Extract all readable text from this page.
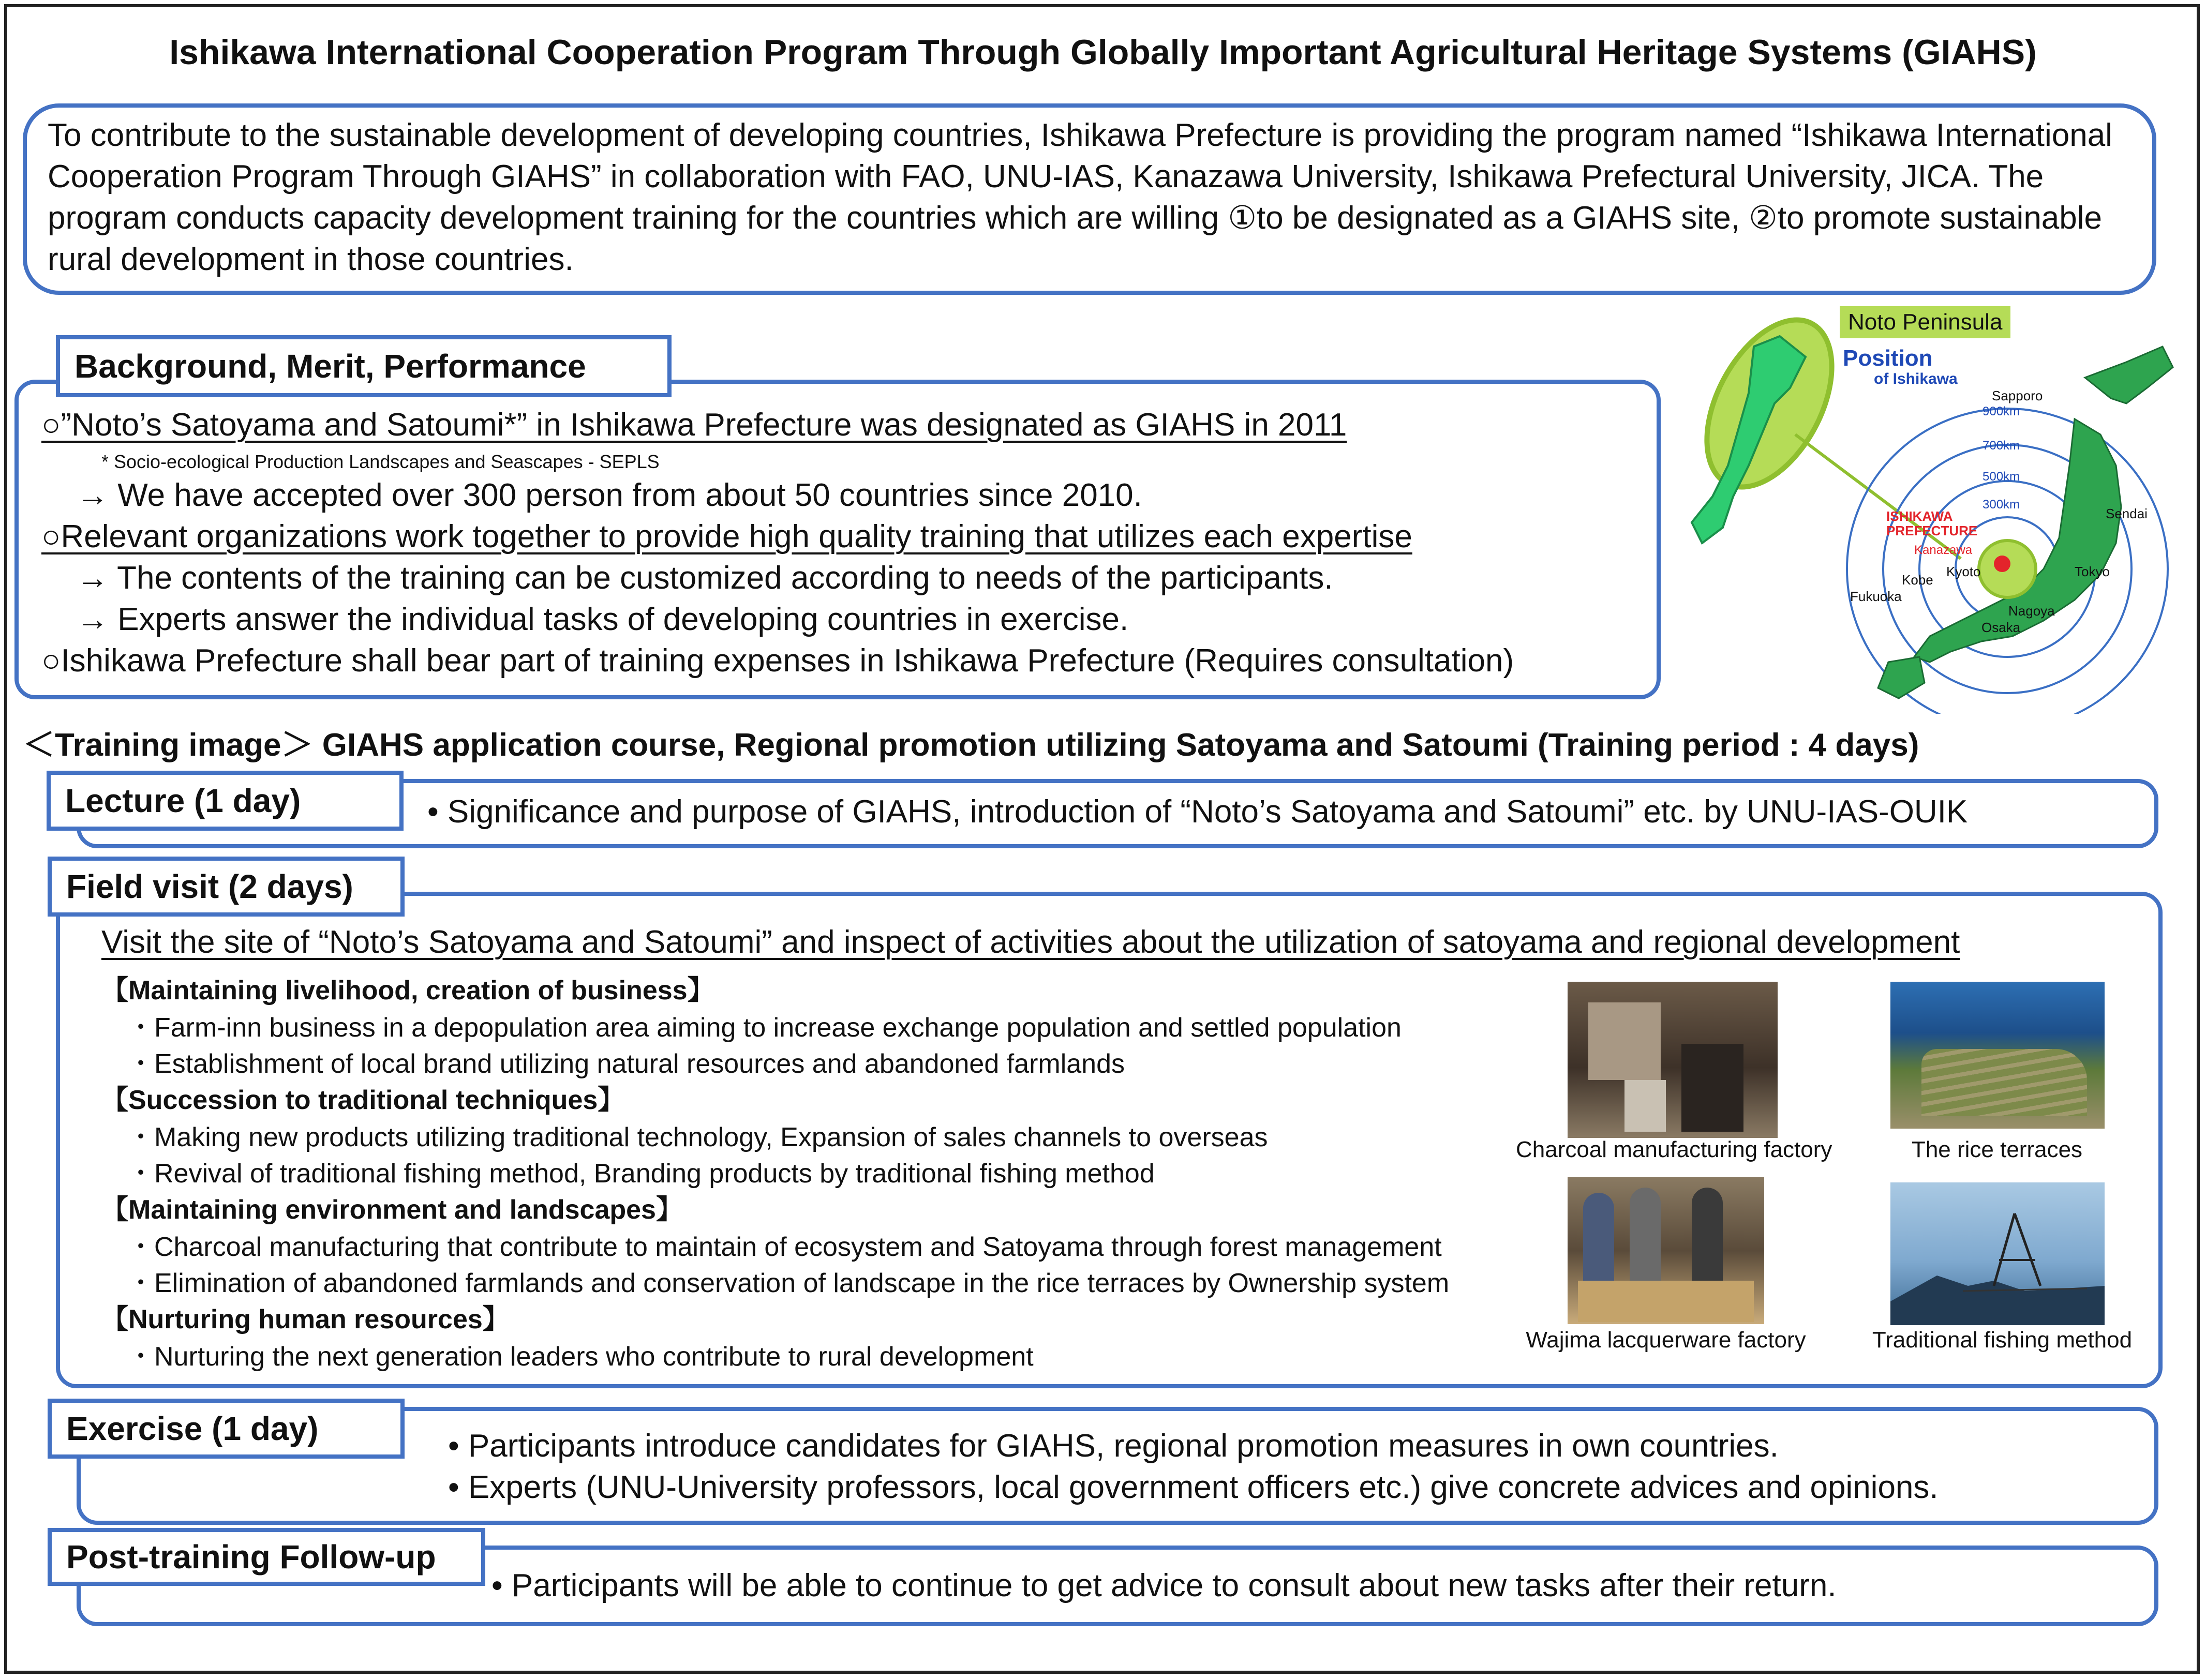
Ishikawa International Cooperation Program Through Globally Important Agricultural Heritage Systems (GIAHS)
To contribute to the sustainable development of developing countries, Ishikawa Prefecture is providing the program named “Ishikawa International Cooperation Program Through GIAHS” in collaboration with FAO, UNU-IAS, Kanazawa University, Ishikawa Prefectural University, JICA. The program conducts capacity development training for the countries which are willing ①to be designated as a GIAHS site, ②to promote sustainable rural development in those countries.
Background, Merit, Performance
○”Noto’s Satoyama and Satoumi*” in Ishikawa Prefecture was designated as GIAHS in 2011
* Socio-ecological Production Landscapes and Seascapes - SEPLS
→ We have accepted over 300 person from about 50 countries since 2010.
○Relevant organizations work together to provide high quality training that utilizes each expertise
→ The contents of the training can be customized according to needs of the participants.
→ Experts answer the individual tasks of developing countries in exercise.
○Ishikawa Prefecture shall bear part of training expenses in Ishikawa Prefecture (Requires consultation)
Noto Peninsula
Position
of Ishikawa
ISHIKAWA PREFECTURE
900km
700km
500km
300km
Sapporo
Sendai
Tokyo
Nagoya
Osaka
Kobe
Kyoto
Kanazawa
Fukuoka
＜Training image＞ GIAHS application course, Regional promotion utilizing Satoyama and Satoumi (Training period : 4 days)
Lecture (1 day)	• Significance and purpose of GIAHS, introduction of “Noto’s Satoyama and Satoumi” etc. by UNU-IAS-OUIK
Field visit (2 days)
Visit the site of “Noto’s Satoyama and Satoumi” and inspect of activities about the utilization of satoyama and regional development
【Maintaining livelihood, creation of business】
・Farm-inn business in a depopulation area aiming to increase exchange population and settled population
・Establishment of local brand utilizing natural resources and abandoned farmlands
【Succession to traditional techniques】
・Making new products utilizing traditional technology, Expansion of sales channels to overseas
・Revival of traditional fishing method, Branding products by traditional fishing method
【Maintaining environment and landscapes】
・Charcoal manufacturing that contribute to maintain of ecosystem and Satoyama through forest management
・Elimination of abandoned farmlands and conservation of landscape in the rice terraces by Ownership system
【Nurturing human resources】
・Nurturing the next generation leaders who contribute to rural development
Charcoal manufacturing factory	The rice terraces
Wajima lacquerware factory	Traditional fishing method
Exercise (1 day)	• Participants introduce candidates for GIAHS, regional promotion measures in own countries.
• Experts (UNU-University professors, local government officers etc.) give concrete advices and opinions.
Post-training Follow-up
• Participants will be able to continue to get advice to consult about new tasks after their return.
